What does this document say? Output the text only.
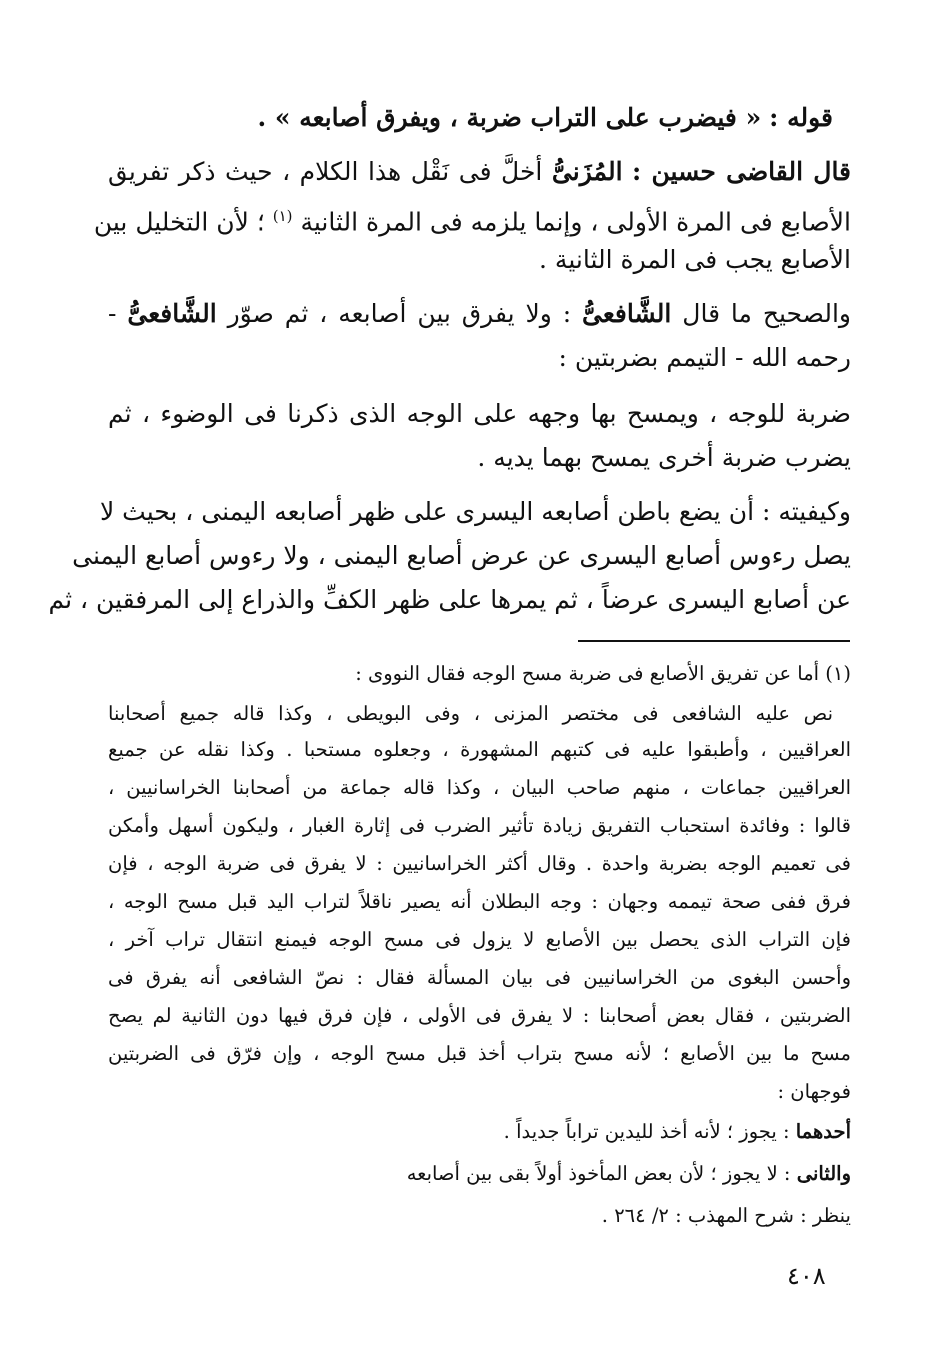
قوله : « فيضرب على التراب ضربة ، ويفرق أصابعه » .
قال القاضى حسين : المُزَنىُّ أخلَّ فى نَقْل هذا الكلام ، حيث ذكر تفريق
الأصابع فى المرة الأولى ، وإنما يلزمه فى المرة الثانية $^{(١)}$ ؛ لأن التخليل بين
الأصابع يجب فى المرة الثانية .
والصحيح ما قال الشَّافعىُّ : ولا يفرق بين أصابعه ، ثم صوّر الشَّافعىُّ -
رحمه الله - التيمم بضربتين :
ضربة للوجه ، ويمسح بها وجهه على الوجه الذى ذكرنا فى الوضوء ، ثم
يضرب ضربة أخرى يمسح بهما يديه .
وكيفيته : أن يضع باطن أصابعه اليسرى على ظهر أصابعه اليمنى ، بحيث لا
يصل رءوس أصابع اليسرى عن عرض أصابع اليمنى ، ولا رءوس أصابع اليمنى
عن أصابع اليسرى عرضاً ، ثم يمرها على ظهر الكفِّ والذراع إلى المرفقين ، ثم
(١) أما عن تفريق الأصابع فى ضربة مسح الوجه فقال النووى :
نص عليه الشافعى فى مختصر المزنى ، وفى البويطى ، وكذا قاله جميع أصحابنا
العراقيين ، وأطبقوا عليه فى كتبهم المشهورة ، وجعلوه مستحبا . وكذا نقله عن جميع
العراقيين جماعات ، منهم صاحب البيان ، وكذا قاله جماعة من أصحابنا الخراسانيين ،
قالوا : وفائدة استحباب التفريق زيادة تأثير الضرب فى إثارة الغبار ، وليكون أسهل وأمكن
فى تعميم الوجه بضربة واحدة . وقال أكثر الخراسانيين : لا يفرق فى ضربة الوجه ، فإن
فرق ففى صحة تيممه وجهان : وجه البطلان أنه يصير ناقلاً لتراب اليد قبل مسح الوجه ،
فإن التراب الذى يحصل بين الأصابع لا يزول فى مسح الوجه فيمنع انتقال تراب آخر ،
وأحسن البغوى من الخراسانيين فى بيان المسألة فقال : نصّ الشافعى أنه يفرق فى
الضربتين ، فقال بعض أصحابنا : لا يفرق فى الأولى ، فإن فرق فيها دون الثانية لم يصح
مسح ما بين الأصابع ؛ لأنه مسح بتراب أخذ قبل مسح الوجه ، وإن فرّق فى الضربتين
فوجهان :
أحدهما : يجوز ؛ لأنه أخذ لليدين تراباً جديداً .
والثانى : لا يجوز ؛ لأن بعض المأخوذ أولاً بقى بين أصابعه
ينظر : شرح المهذب : ٢/ ٢٦٤ .
٤٠٨
